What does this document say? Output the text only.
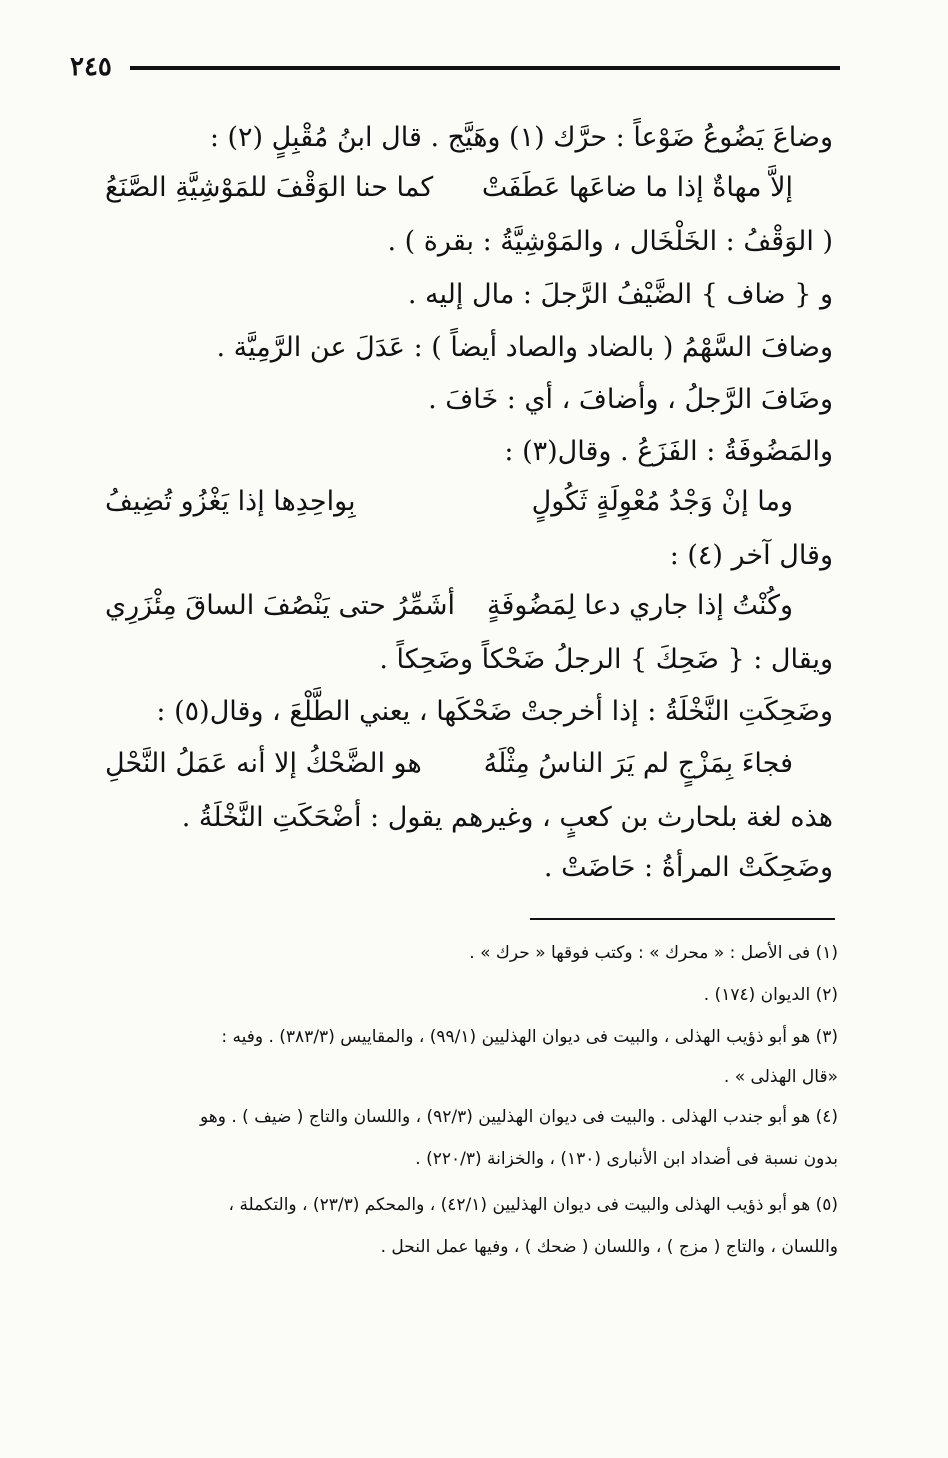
٢٤٥
وضاعَ يَضُوعُ ضَوْعاً : حرَّك (١) وهَيَّج . قال ابنُ مُقْبِلٍ (٢) :
إلاَّ مهاةٌ إذا ما ضاعَها عَطَفَتْ
كما حنا الوَقْفَ للمَوْشِيَّةِ الصَّنَعُ
( الوَقْفُ : الخَلْخَال ، والمَوْشِيَّةُ : بقرة ) .
و { ضاف } الضَّيْفُ الرَّجلَ : مال إليه .
وضافَ السَّهْمُ ( بالضاد والصاد أيضاً ) : عَدَلَ عن الرَّمِيَّة .
وضَافَ الرَّجلُ ، وأضافَ ، أي : خَافَ .
والمَضُوفَةُ : الفَزَعُ . وقال(٣) :
وما إنْ وَجْدُ مُعْوِلَةٍ ثَكُولٍ
بِواحِدِها إذا يَغْزُو تُضِيفُ
وقال آخر (٤) :
وكُنْتُ إذا جاري دعا لِمَضُوفَةٍ
أشَمِّرُ حتى يَنْصُفَ الساقَ مِئْزَرِي
ويقال : { ضَحِكَ } الرجلُ ضَحْكاً وضَحِكاً .
وضَحِكَتِ النَّخْلَةُ : إذا أخرجتْ ضَحْكَها ، يعني الطَّلْعَ ، وقال(٥) :
فجاءَ بِمَزْجٍ لم يَرَ الناسُ مِثْلَهُ
هو الضَّحْكُ إلا أنه عَمَلُ النَّحْلِ
هذه لغة بلحارث بن كعبٍ ، وغيرهم يقول : أضْحَكَتِ النَّخْلَةُ .
وضَحِكَتْ المرأةُ : حَاضَتْ .
(١) فى الأصل : « محرك » : وكتب فوقها « حرك » .
(٢) الديوان (١٧٤) .
(٣) هو أبو ذؤيب الهذلى ، والبيت فى ديوان الهذليين (٩٩/١) ، والمقاييس (٣٨٣/٣) . وفيه :
«قال الهذلى » .
(٤) هو أبو جندب الهذلى . والبيت فى ديوان الهذليين (٩٢/٣) ، واللسان والتاج ( ضيف ) . وهو
بدون نسبة فى أضداد ابن الأنبارى (١٣٠) ، والخزانة (٢٢٠/٣) .
(٥) هو أبو ذؤيب الهذلى والبيت فى ديوان الهذليين (٤٢/١) ، والمحكم (٢٣/٣) ، والتكملة ،
واللسان ، والتاج ( مزج ) ، واللسان ( ضحك ) ، وفيها عمل النحل .
